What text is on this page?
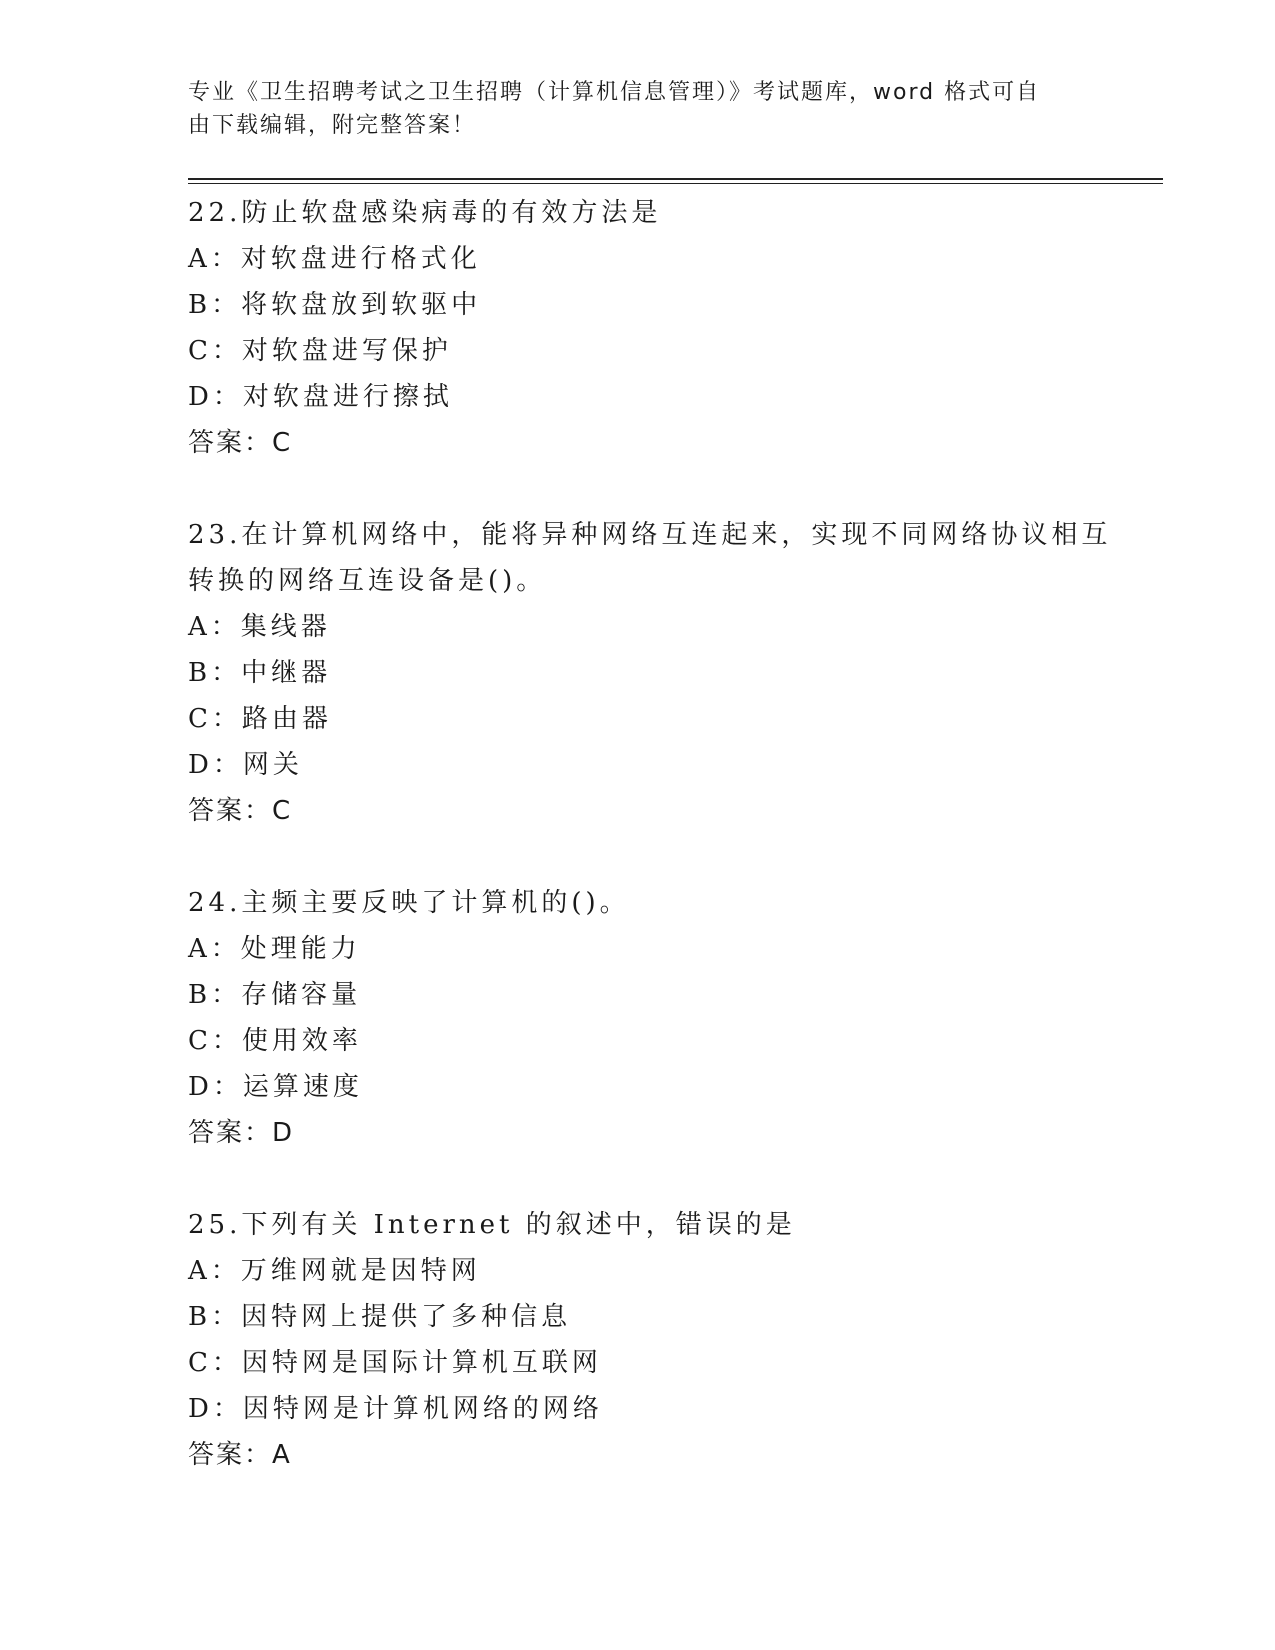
专业《卫生招聘考试之卫生招聘（计算机信息管理）》考试题库，word 格式可自
由下载编辑，附完整答案！
22.防止软盘感染病毒的有效方法是
A：对软盘进行格式化
B：将软盘放到软驱中
C：对软盘进写保护
D：对软盘进行擦拭
答案：C
23.在计算机网络中，能将异种网络互连起来，实现不同网络协议相互
转换的网络互连设备是()。
A：集线器
B：中继器
C：路由器
D：网关
答案：C
24.主频主要反映了计算机的()。
A：处理能力
B：存储容量
C：使用效率
D：运算速度
答案：D
25.下列有关 Internet 的叙述中，错误的是
A：万维网就是因特网
B：因特网上提供了多种信息
C：因特网是国际计算机互联网
D：因特网是计算机网络的网络
答案：A
